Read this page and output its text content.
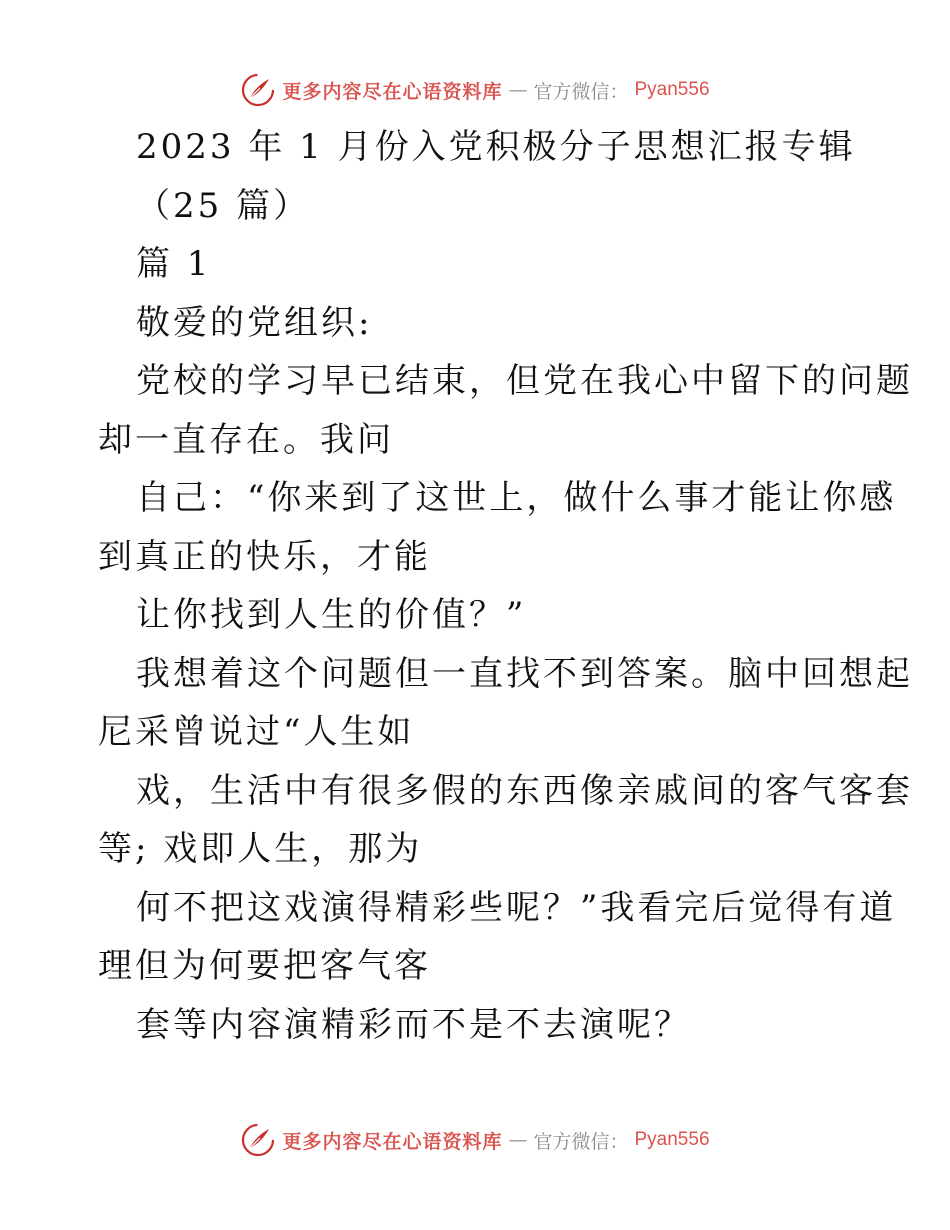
更多内容尽在心语资料库 — 官方微信： Pyan556
2023 年 1 月份入党积极分子思想汇报专辑
（25 篇）
篇 1
敬爱的党组织:
党校的学习早已结束，但党在我心中留下的问题
却一直存在。我问
自己：“你来到了这世上，做什么事才能让你感
到真正的快乐，才能
让你找到人生的价值？”
我想着这个问题但一直找不到答案。脑中回想起
尼采曾说过“人生如
戏，生活中有很多假的东西像亲戚间的客气客套
等; 戏即人生，那为
何不把这戏演得精彩些呢？”我看完后觉得有道
理但为何要把客气客
套等内容演精彩而不是不去演呢？
更多内容尽在心语资料库 — 官方微信： Pyan556
